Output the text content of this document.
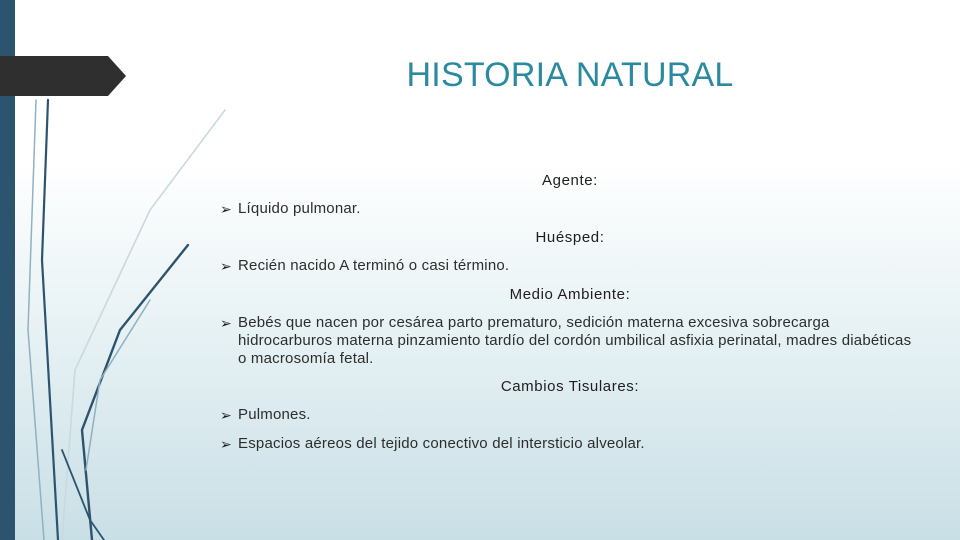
HISTORIA NATURAL

Agente:

➢ Líquido pulmonar.

Huésped:

➢ Recién nacido A terminó o casi término.

Medio Ambiente:

➢ Bebés que nacen por cesárea parto prematuro, sedición materna excesiva sobrecarga hidrocarburos materna pinzamiento tardío del cordón umbilical asfixia perinatal, madres diabéticas o macrosomía fetal.

Cambios Tisulares:

➢ Pulmones.

➢ Espacios aéreos del tejido conectivo del intersticio alveolar.
